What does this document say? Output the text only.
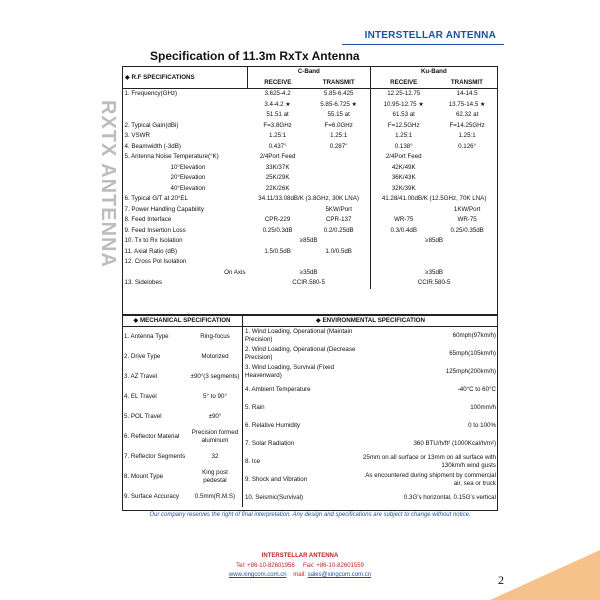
INTERSTELLAR ANTENNA
RXTX ANTENNA
Specification of 11.3m RxTx Antenna
◆ R.F SPECIFICATIONS	C-Band		Ku-Band	
	RECEIVE	TRANSMIT	RECEIVE	TRANSMIT
1. Frequency(GHz)	3.625-4.2	5.85-6.425	12.25-12.75	14-14.5
	3.4-4.2 ★	5.85-6.725 ★	10.95-12.75 ★	13.75-14.5 ★
	51.51 at	55.15 at	61.53 at	62.32 at
2. Typical Gain(dBi)	F=3.8GHz	F=6.0GHz	F=12.5GHz	F=14.25GHz
3. VSWR	1.25:1	1.25:1	1.25:1	1.25:1
4. Beamwidth (-3dB)	0.437°	0.287°	0.138°	0.126°
5. Antenna Noise Temperature(°K)	2/4Port Feed		2/4Port Feed	
10°Elevation	33K/37K		42K/49K	
20°Elevation	25K/29K		36K/43K	
40°Elevation	22K/26K		32K/39K	
6. Typical G/T at 20°EL	34.11/33.08dB/K (3.8GHz, 30K LNA)		41.28/41.00dB/K (12.5GHz, 70K LNA)	
7. Power Handling Capability		5KW/Port		1KW/Port
8. Feed Interface	CPR-229	CPR-137	WR-75	WR-75
9. Feed Insertion Loss	0.25/0.3dB	0.2/0.25dB	0.3/0.4dB	0.25/0.35dB
10. Tx to Rx Isolation	≥85dB		≥85dB	
11. Axial Ratio (dB)	1.5/0.5dB	1.0/0.5dB		
12. Cross Pol Isolation				
On Axis	≥35dB		≥35dB	
13. Sidelobes	CCIR.580-5		CCIR.580-5	
◆ MECHANICAL SPECIFICATION	◆ ENVIRONMENTAL SPECIFICATION

1. Antenna Type	Ring-focus
2. Drive Type	Motorized
3. AZ Travel	±90°(3 segments)
4. EL Travel	5° to 90°
5. POL Travel	±90°
6. Reflector Material	Precision formed aluminum
7. Reflector Segments	32
8. Mount Type	King post pedestal
9. Surface Accuracy	0.5mm(R.M.S)

1. Wind Loading, Operational (Maintain Precision)	60mph(97km/h)
2. Wind Loading, Operational (Decrease Precision)	65mph(105km/h)
3. Wind Loading, Survival (Fixed Heavenward)	125mph(200km/h)
4. Ambient Temperature	-40°C to 60°C
5. Rain	100mm/h
6. Relative Humidity	0 to 100%
7. Solar Radiation	360 BTU/h/ft² (1000Kcal/h/m²)
8. Ice	25mm on all surface or 13mm on all surface with 130km/h wind gusts
9. Shock and Vibration	As encountered during shipment by commercial air, sea or truck
10. Seismic(Survival)	0.3G's horizontal, 0.15G's vertical
Our company reserves the right of final interpretation. Any design and specifications are subject to change without notice.
INTERSTELLAR ANTENNA
Tel: +86-10-82601956 Fax: +86-10-82601559
www.xingcom.com.cn mail: sales@xingcom.com.cn	2
